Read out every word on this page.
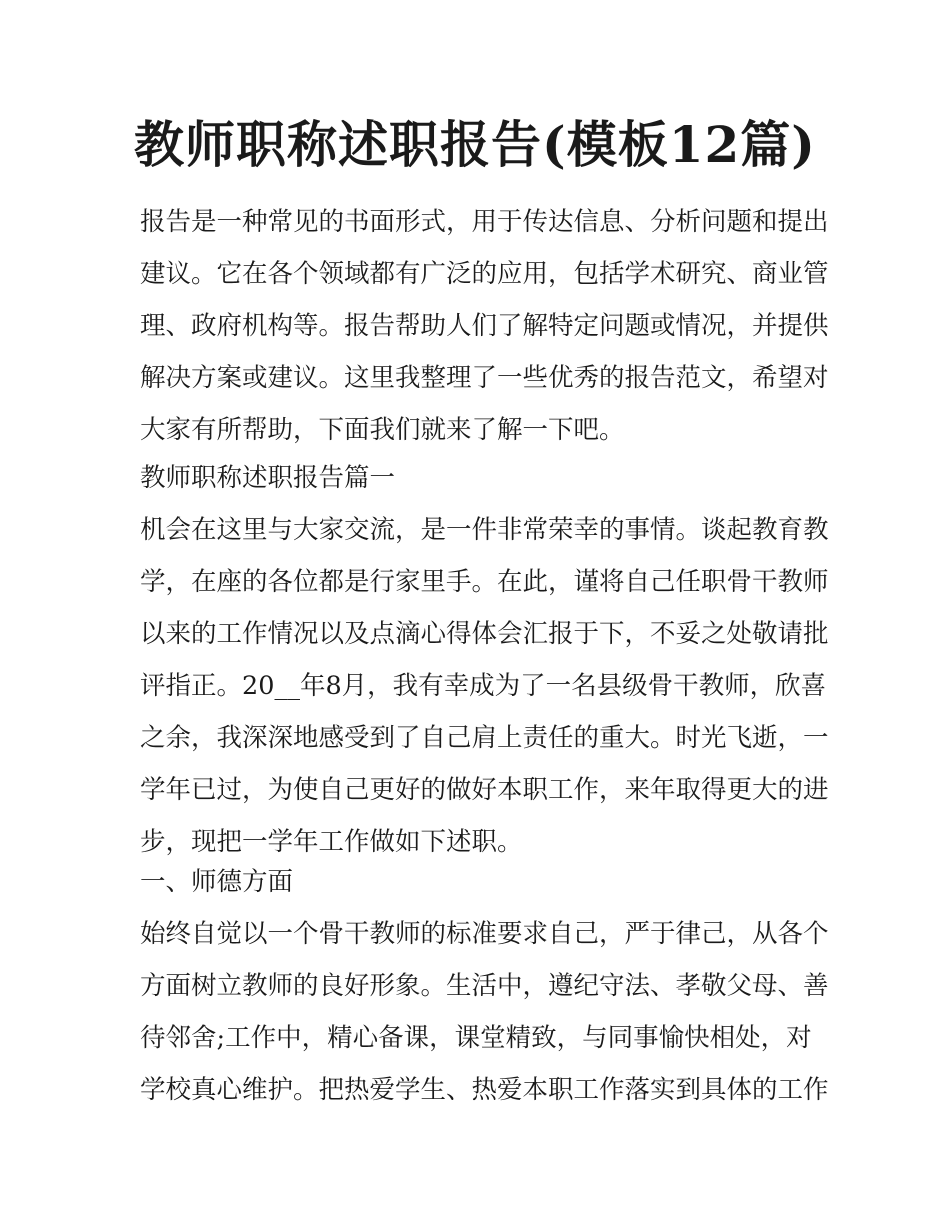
教师职称述职报告(模板12篇)
报告是一种常见的书面形式，用于传达信息、分析问题和提出
建议。它在各个领域都有广泛的应用，包括学术研究、商业管
理、政府机构等。报告帮助人们了解特定问题或情况，并提供
解决方案或建议。这里我整理了一些优秀的报告范文，希望对
大家有所帮助，下面我们就来了解一下吧。
教师职称述职报告篇一
机会在这里与大家交流，是一件非常荣幸的事情。谈起教育教
学，在座的各位都是行家里手。在此，谨将自己任职骨干教师
以来的工作情况以及点滴心得体会汇报于下，不妥之处敬请批
评指正。20__年8月，我有幸成为了一名县级骨干教师，欣喜
之余，我深深地感受到了自己肩上责任的重大。时光飞逝，一
学年已过，为使自己更好的做好本职工作，来年取得更大的进
步，现把一学年工作做如下述职。
一、师德方面
始终自觉以一个骨干教师的标准要求自己，严于律己，从各个
方面树立教师的良好形象。生活中，遵纪守法、孝敬父母、善
待邻舍;工作中，精心备课，课堂精致，与同事愉快相处，对
学校真心维护。把热爱学生、热爱本职工作落实到具体的工作
